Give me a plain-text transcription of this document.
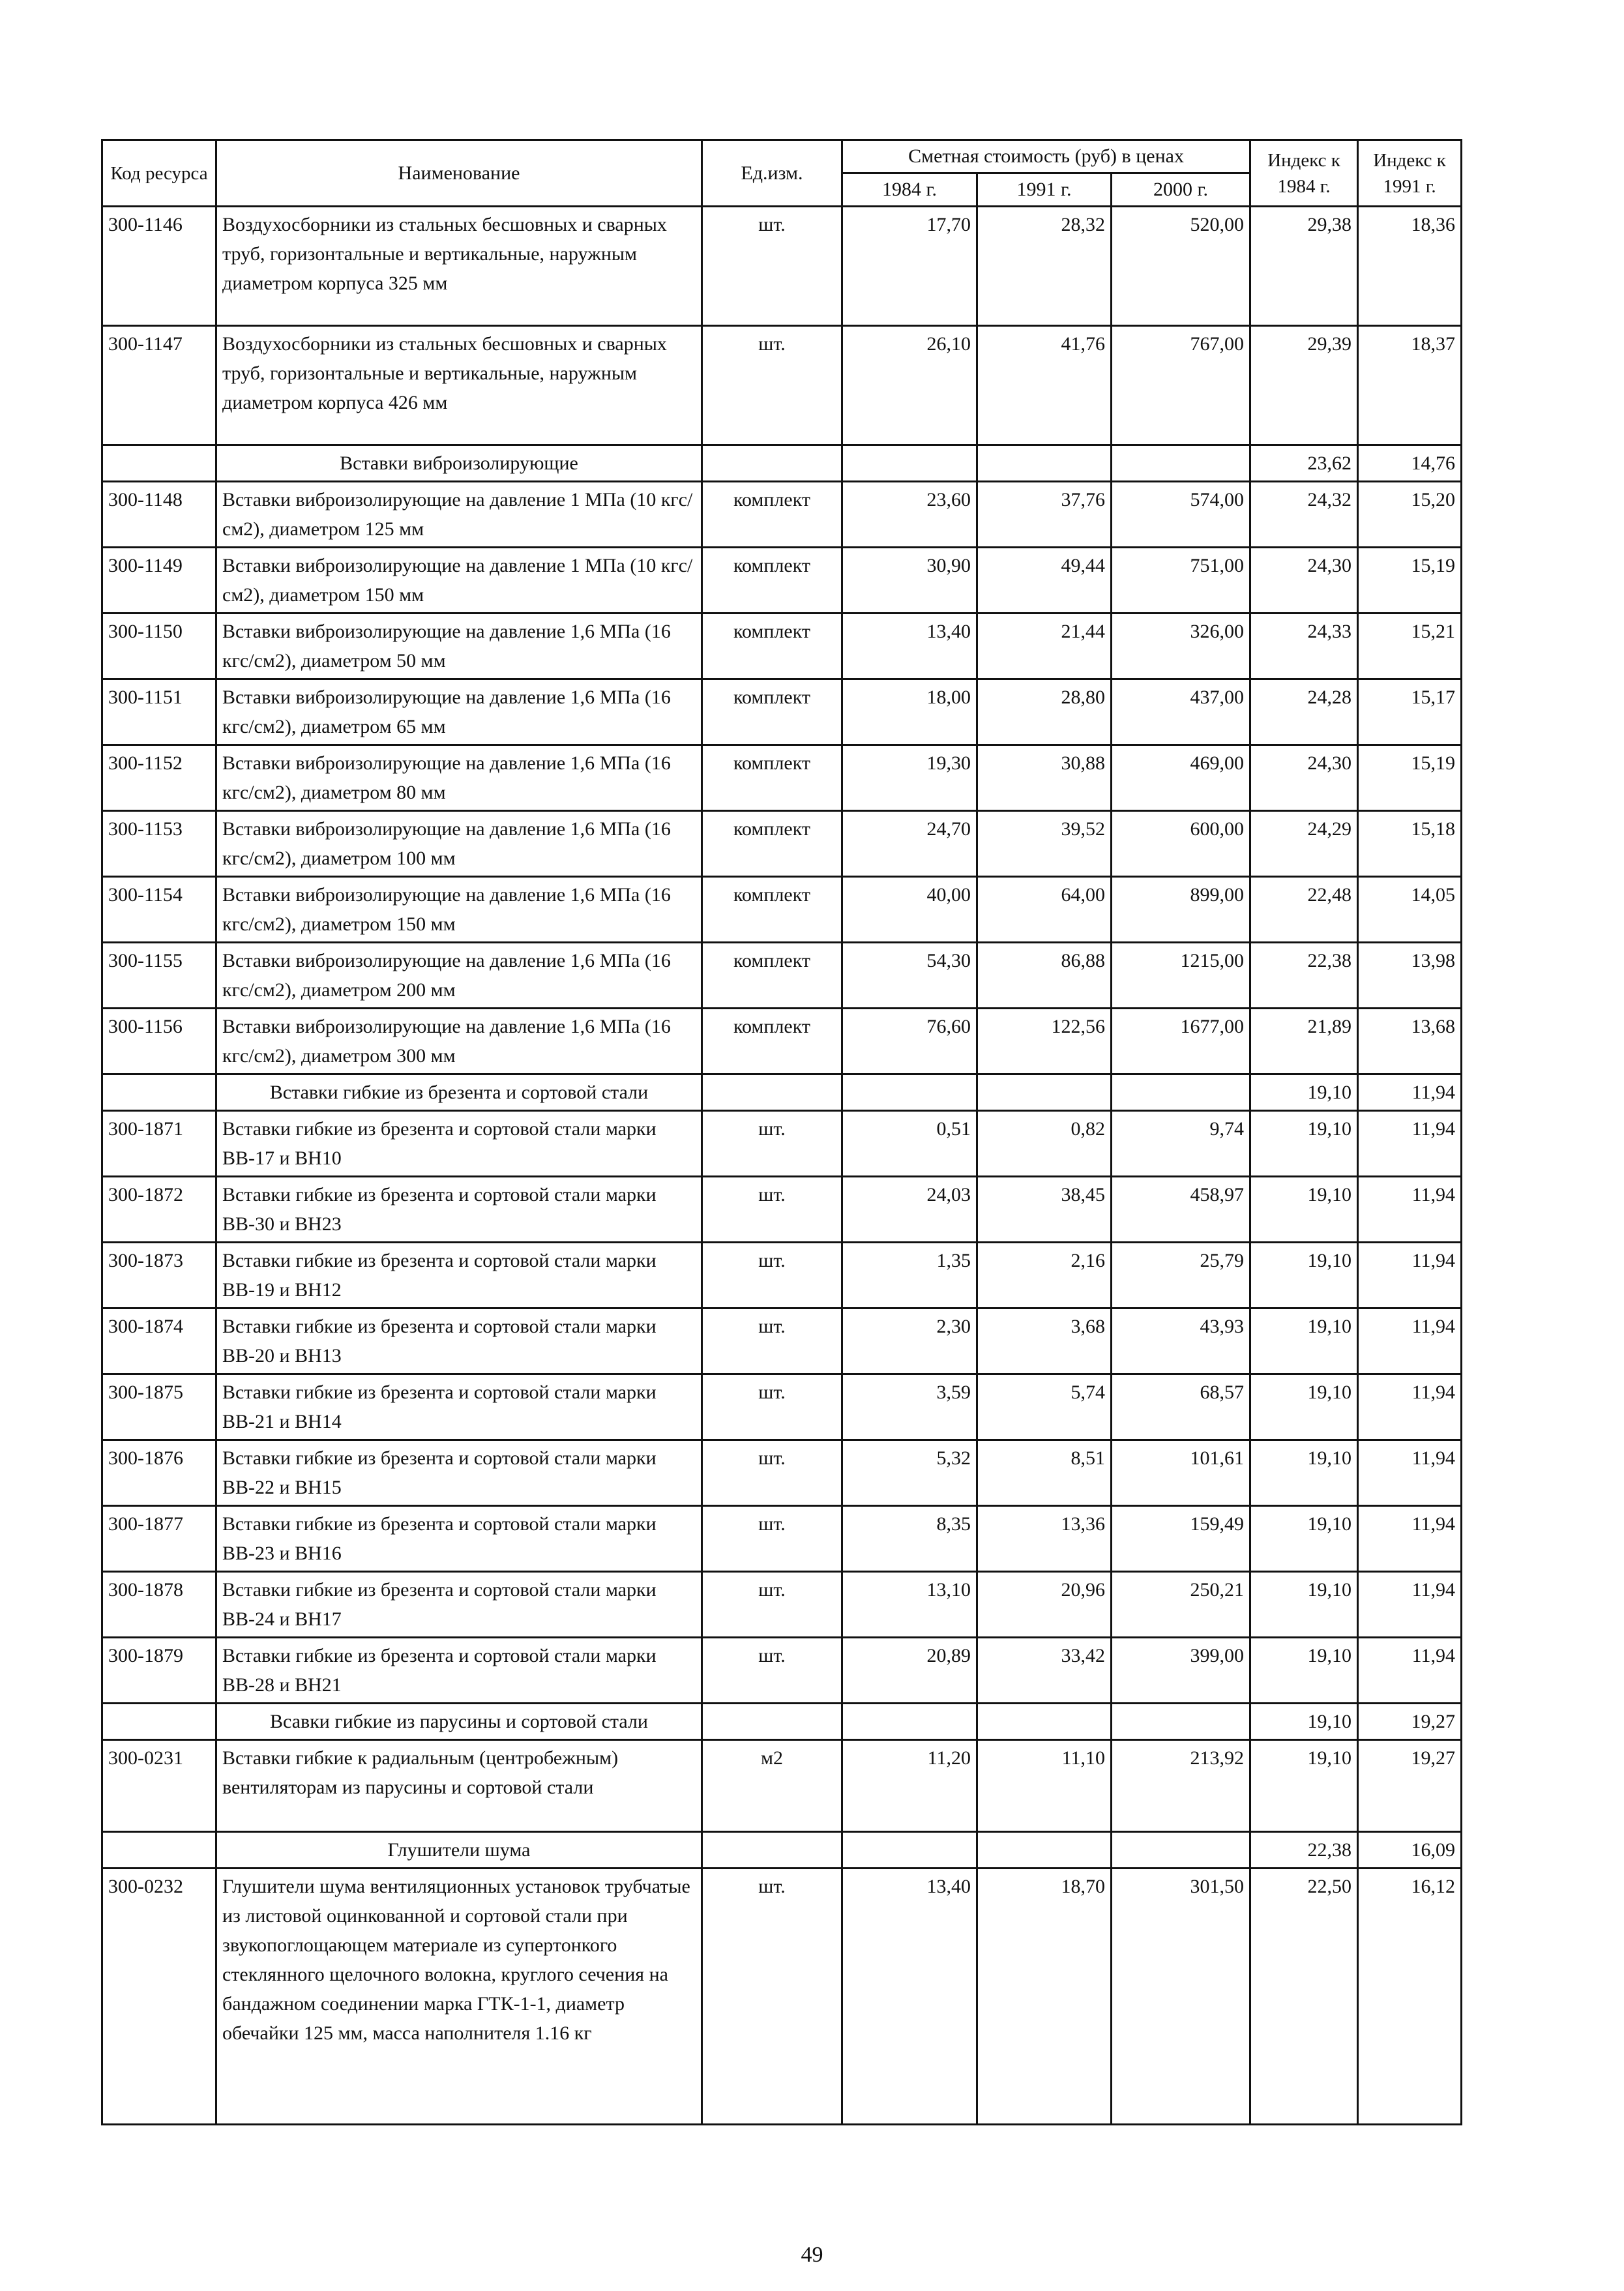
Код ресурса	Наименование	Ед.изм.	Сметная стоимость (руб) в ценах			Индекс к 1984 г.	Индекс к 1991 г.
			1984 г.	1991 г.	2000 г.		
300-1146	Воздухосборники из стальных бесшовных и сварных труб, горизонтальные и вертикальные, наружным диаметром корпуса 325 мм	шт.	17,70	28,32	520,00	29,38	18,36
300-1147	Воздухосборники из стальных бесшовных и сварных труб, горизонтальные и вертикальные, наружным диаметром корпуса 426 мм	шт.	26,10	41,76	767,00	29,39	18,37
	Вставки виброизолирующие					23,62	14,76
300-1148	Вставки виброизолирующие на давление 1 МПа (10 кгс/см2), диаметром 125 мм	комплект	23,60	37,76	574,00	24,32	15,20
300-1149	Вставки виброизолирующие на давление 1 МПа (10 кгс/см2), диаметром 150 мм	комплект	30,90	49,44	751,00	24,30	15,19
300-1150	Вставки виброизолирующие на давление 1,6 МПа (16 кгс/см2), диаметром 50 мм	комплект	13,40	21,44	326,00	24,33	15,21
300-1151	Вставки виброизолирующие на давление 1,6 МПа (16 кгс/см2), диаметром 65 мм	комплект	18,00	28,80	437,00	24,28	15,17
300-1152	Вставки виброизолирующие на давление 1,6 МПа (16 кгс/см2), диаметром 80 мм	комплект	19,30	30,88	469,00	24,30	15,19
300-1153	Вставки виброизолирующие на давление 1,6 МПа (16 кгс/см2), диаметром 100 мм	комплект	24,70	39,52	600,00	24,29	15,18
300-1154	Вставки виброизолирующие на давление 1,6 МПа (16 кгс/см2), диаметром 150 мм	комплект	40,00	64,00	899,00	22,48	14,05
300-1155	Вставки виброизолирующие на давление 1,6 МПа (16 кгс/см2), диаметром 200 мм	комплект	54,30	86,88	1215,00	22,38	13,98
300-1156	Вставки виброизолирующие на давление 1,6 МПа (16 кгс/см2), диаметром 300 мм	комплект	76,60	122,56	1677,00	21,89	13,68
	Вставки гибкие из брезента и сортовой стали					19,10	11,94
300-1871	Вставки гибкие из брезента и сортовой стали марки ВВ-17 и ВН10	шт.	0,51	0,82	9,74	19,10	11,94
300-1872	Вставки гибкие из брезента и сортовой стали марки ВВ-30 и ВН23	шт.	24,03	38,45	458,97	19,10	11,94
300-1873	Вставки гибкие из брезента и сортовой стали марки ВВ-19 и ВН12	шт.	1,35	2,16	25,79	19,10	11,94
300-1874	Вставки гибкие из брезента и сортовой стали марки ВВ-20 и ВН13	шт.	2,30	3,68	43,93	19,10	11,94
300-1875	Вставки гибкие из брезента и сортовой стали марки ВВ-21 и ВН14	шт.	3,59	5,74	68,57	19,10	11,94
300-1876	Вставки гибкие из брезента и сортовой стали марки ВВ-22 и ВН15	шт.	5,32	8,51	101,61	19,10	11,94
300-1877	Вставки гибкие из брезента и сортовой стали марки ВВ-23 и ВН16	шт.	8,35	13,36	159,49	19,10	11,94
300-1878	Вставки гибкие из брезента и сортовой стали марки ВВ-24 и ВН17	шт.	13,10	20,96	250,21	19,10	11,94
300-1879	Вставки гибкие из брезента и сортовой стали марки ВВ-28 и ВН21	шт.	20,89	33,42	399,00	19,10	11,94
	Всавки гибкие из парусины и сортовой стали					19,10	19,27
300-0231	Вставки гибкие к радиальным (центробежным) вентиляторам из парусины и сортовой стали	м2	11,20	11,10	213,92	19,10	19,27
	Глушители шума					22,38	16,09
300-0232	Глушители шума вентиляционных установок трубчатые из листовой оцинкованной и сортовой стали при звукопоглощающем материале из супертонкого стеклянного щелочного волокна, круглого сечения на бандажном соединении марка ГТК-1-1, диаметр обечайки 125 мм, масса наполнителя 1.16 кг	шт.	13,40	18,70	301,50	22,50	16,12
49
